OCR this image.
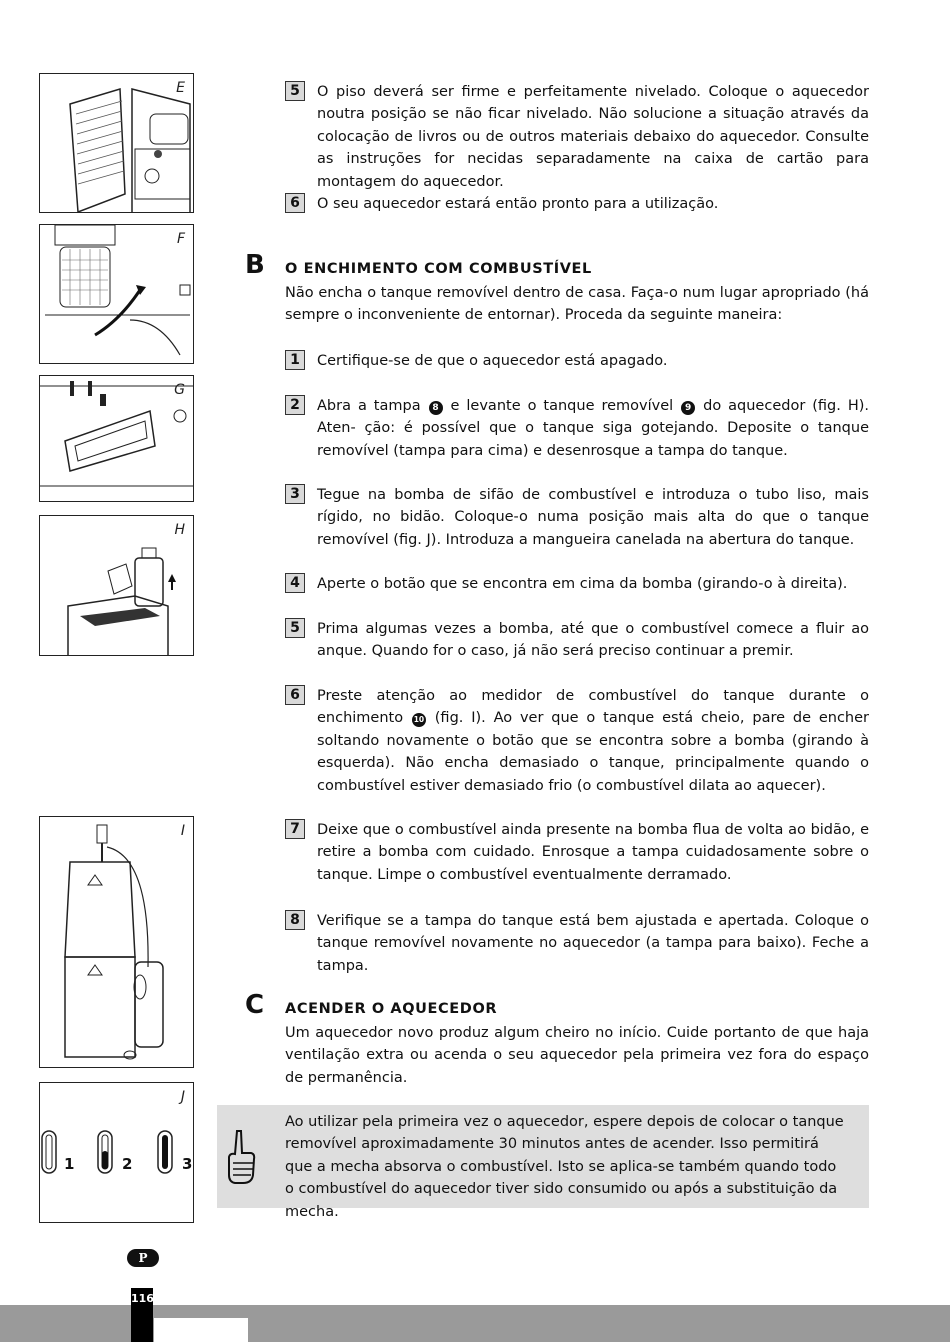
E
F
G
H
I
1	2	3
J
5	O piso deverá ser firme e perfeitamente nivelado. Coloque o aquecedor noutra posição se não ficar nivelado. Não solucione a situação através da colocação de livros ou de outros materiais debaixo do aquecedor. Consulte as instruções for necidas separadamente na caixa de cartão para montagem do aquecedor.
6	O seu aquecedor estará então pronto para a utilização.
B O ENCHIMENTO COM COMBUSTÍVEL
Não encha o tanque removível dentro de casa. Faça-o num lugar apropriado (há sempre o inconveniente de entornar). Proceda da seguinte maneira:
1	Certifique-se de que o aquecedor está apagado.
2	Abra a tampa 8 e levante o tanque removível 9 do aquecedor (fig. H). Aten- ção: é possível que o tanque siga gotejando. Deposite o tanque removível (tampa para cima) e desenrosque a tampa do tanque.
3	Tegue na bomba de sifão de combustível e introduza o tubo liso, mais rígido, no bidão. Coloque-o numa posição mais alta do que o tanque removível (fig. J). Introduza a mangueira canelada na abertura do tanque.
4	Aperte o botão que se encontra em cima da bomba (girando-o à direita).
5	Prima algumas vezes a bomba, até que o combustível comece a fluir ao anque. Quando for o caso, já não será preciso continuar a premir.
6	Preste atenção ao medidor de combustível do tanque durante o enchimento 10 (fig. I). Ao ver que o tanque está cheio, pare de encher soltando novamente o botão que se encontra sobre a bomba (girando à esquerda). Não encha demasiado o tanque, principalmente quando o combustível estiver demasiado frio (o combustível dilata ao aquecer).
7	Deixe que o combustível ainda presente na bomba flua de volta ao bidão, e retire a bomba com cuidado. Enrosque a tampa cuidadosamente sobre o tanque. Limpe o combustível eventualmente derramado.
8	Verifique se a tampa do tanque está bem ajustada e apertada. Coloque o tanque removível novamente no aquecedor (a tampa para baixo). Feche a tampa.
C ACENDER O AQUECEDOR
Um aquecedor novo produz algum cheiro no início. Cuide portanto de que haja ventilação extra ou acenda o seu aquecedor pela primeira vez fora do espaço de permanência.
Ao utilizar pela primeira vez o aquecedor, espere depois de colocar o tanque removível aproximadamente 30 minutos antes de acender. Isso permitirá que a mecha absorva o combustível. Isto se aplica-se também quando todo o combustível do aquecedor tiver sido consumido ou após a substituição da mecha.
P
116
